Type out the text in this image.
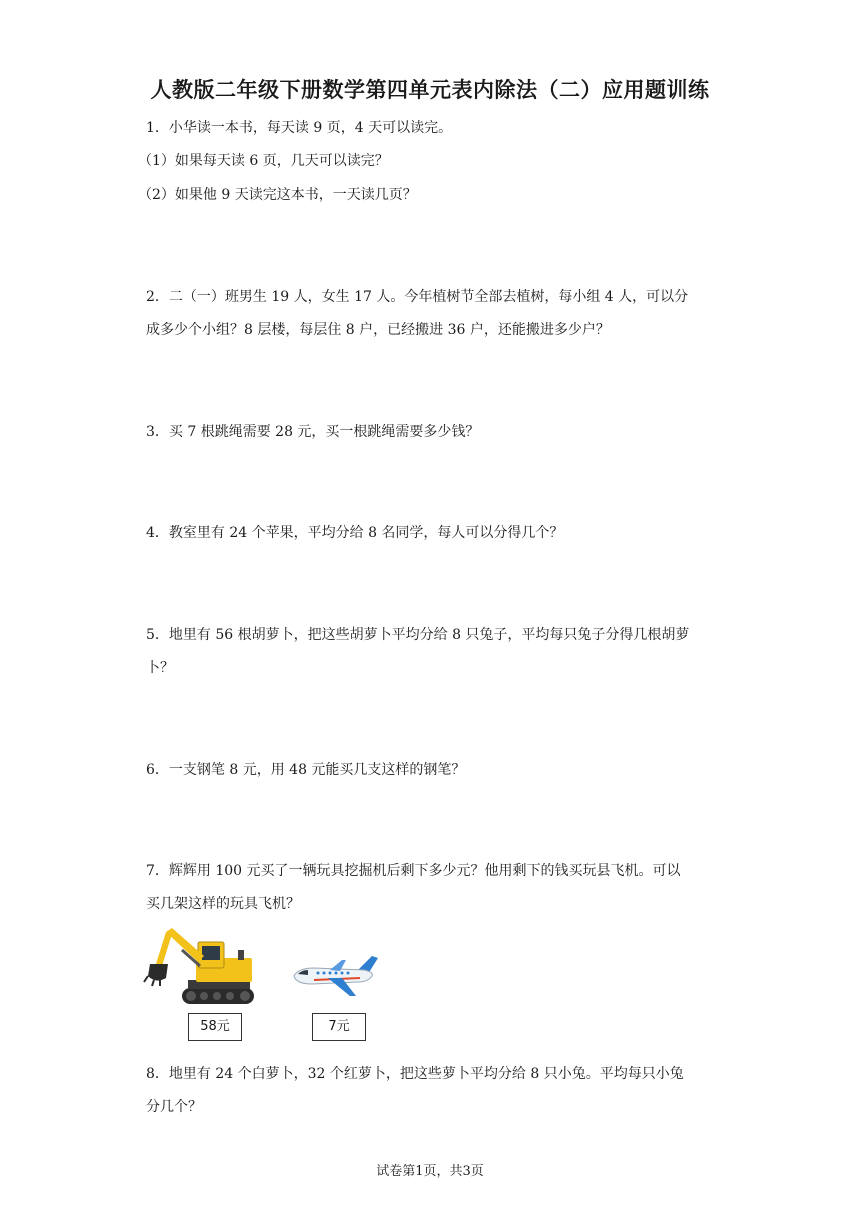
人教版二年级下册数学第四单元表内除法（二）应用题训练
1．小华读一本书，每天读 9 页，4 天可以读完。
（1）如果每天读 6 页，几天可以读完？
（2）如果他 9 天读完这本书，一天读几页？
2．二（一）班男生 19 人，女生 17 人。今年植树节全部去植树，每小组 4 人，可以分
成多少个小组？8 层楼，每层住 8 户，已经搬进 36 户，还能搬进多少户？
3．买 7 根跳绳需要 28 元，买一根跳绳需要多少钱？
4．教室里有 24 个苹果，平均分给 8 名同学，每人可以分得几个？
5．地里有 56 根胡萝卜，把这些胡萝卜平均分给 8 只兔子，平均每只兔子分得几根胡萝
卜？
6．一支钢笔 8 元，用 48 元能买几支这样的钢笔？
7．辉辉用 100 元买了一辆玩具挖掘机后剩下多少元？他用剩下的钱买玩县飞机。可以
买几架这样的玩具飞机？
58元	7元
8．地里有 24 个白萝卜，32 个红萝卜，把这些萝卜平均分给 8 只小兔。平均每只小兔
分几个？
试卷第1页，共3页
